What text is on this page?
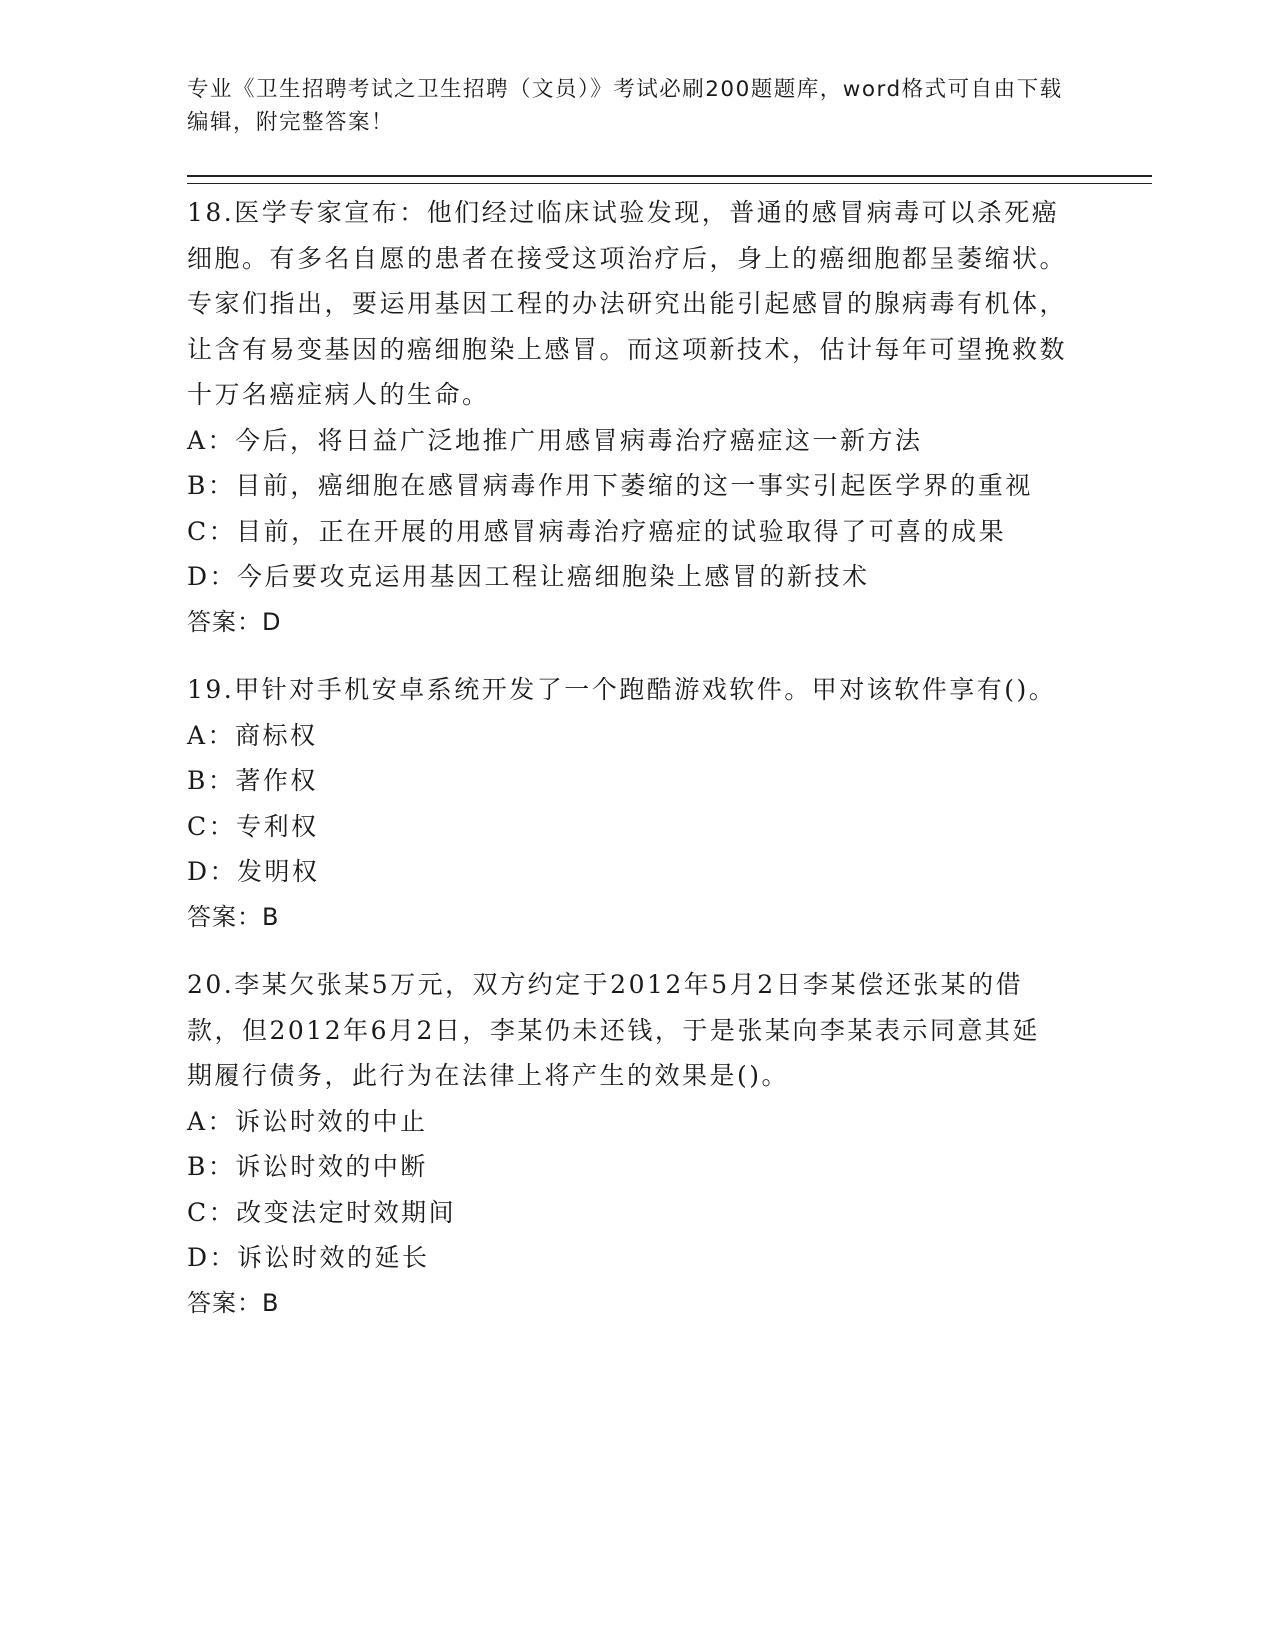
专业《卫生招聘考试之卫生招聘（文员）》考试必刷200题题库，word格式可自由下载编辑，附完整答案！
18.医学专家宣布：他们经过临床试验发现，普通的感冒病毒可以杀死癌细胞。有多名自愿的患者在接受这项治疗后，身上的癌细胞都呈萎缩状。专家们指出，要运用基因工程的办法研究出能引起感冒的腺病毒有机体，让含有易变基因的癌细胞染上感冒。而这项新技术，估计每年可望挽救数十万名癌症病人的生命。
A：今后，将日益广泛地推广用感冒病毒治疗癌症这一新方法
B：目前，癌细胞在感冒病毒作用下萎缩的这一事实引起医学界的重视
C：目前，正在开展的用感冒病毒治疗癌症的试验取得了可喜的成果
D：今后要攻克运用基因工程让癌细胞染上感冒的新技术
答案：D
19.甲针对手机安卓系统开发了一个跑酷游戏软件。甲对该软件享有()。
A：商标权
B：著作权
C：专利权
D：发明权
答案：B
20.李某欠张某5万元，双方约定于2012年5月2日李某偿还张某的借款，但2012年6月2日，李某仍未还钱，于是张某向李某表示同意其延期履行债务，此行为在法律上将产生的效果是()。
A：诉讼时效的中止
B：诉讼时效的中断
C：改变法定时效期间
D：诉讼时效的延长
答案：B
